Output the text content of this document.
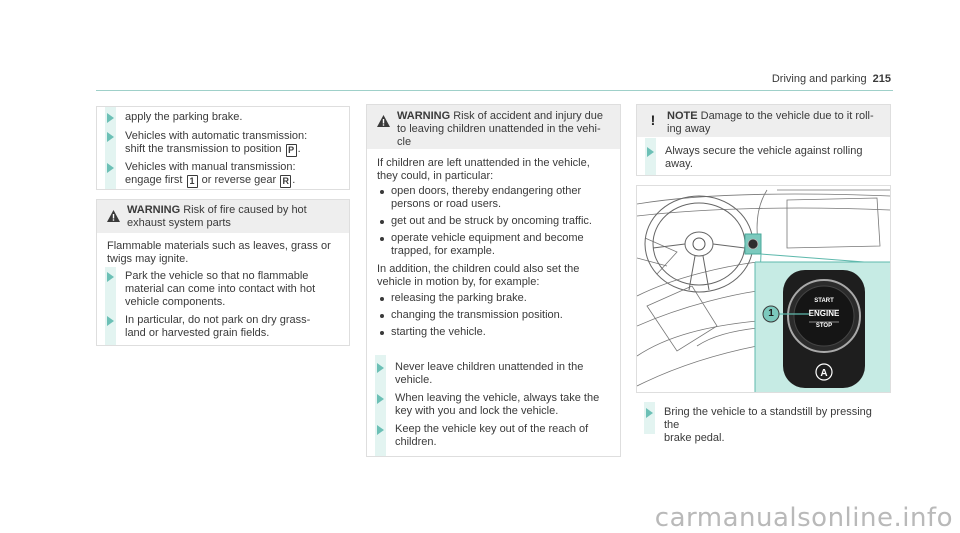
Driving and parking 215
apply the parking brake.
Vehicles with automatic transmission:
shift the transmission to position P .
Vehicles with manual transmission:
engage first 1 or reverse gear R .
WARNING Risk of fire caused by hot
exhaust system parts
Flammable materials such as leaves, grass or
twigs may ignite.
Park the vehicle so that no flammable
material can come into contact with hot
vehicle components.
In particular, do not park on dry grass-
land or harvested grain fields.
WARNING Risk of accident and injury due
to leaving children unattended in the vehi-
cle
If children are left unattended in the vehicle,
they could, in particular:
open doors, thereby endangering other
persons or road users.
get out and be struck by oncoming traffic.
operate vehicle equipment and become
trapped, for example.
In addition, the children could also set the
vehicle in motion by, for example:
releasing the parking brake.
changing the transmission position.
starting the vehicle.
Never leave children unattended in the
vehicle.
When leaving the vehicle, always take the
key with you and lock the vehicle.
Keep the vehicle key out of the reach of
children.
! NOTE Damage to the vehicle due to it roll-
ing away
Always secure the vehicle against rolling
away.
A
1
START
ENGINE
STOP
Bring the vehicle to a standstill by pressing the
brake pedal.
carmanualsonline.info
